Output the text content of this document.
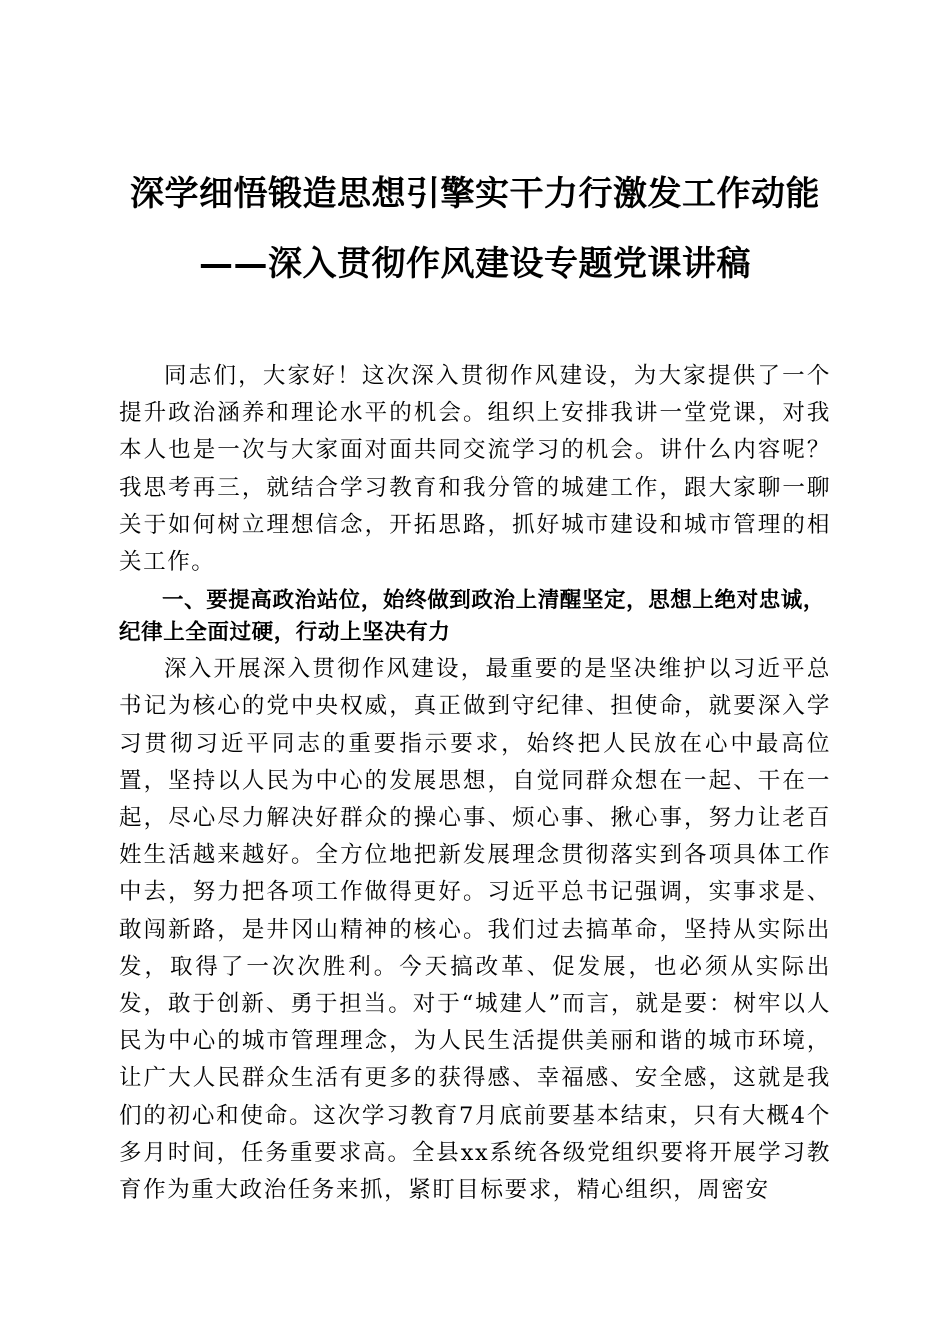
深学细悟锻造思想引擎实干力行激发工作动能
——深入贯彻作风建设专题党课讲稿

同志们，大家好！这次深入贯彻作风建设，为大家提供了一个提升政治涵养和理论水平的机会。组织上安排我讲一堂党课，对我本人也是一次与大家面对面共同交流学习的机会。讲什么内容呢？我思考再三，就结合学习教育和我分管的城建工作，跟大家聊一聊关于如何树立理想信念，开拓思路，抓好城市建设和城市管理的相关工作。

一、要提高政治站位，始终做到政治上清醒坚定，思想上绝对忠诚，纪律上全面过硬，行动上坚决有力

深入开展深入贯彻作风建设，最重要的是坚决维护以习近平总书记为核心的党中央权威，真正做到守纪律、担使命，就要深入学习贯彻习近平同志的重要指示要求，始终把人民放在心中最高位置，坚持以人民为中心的发展思想，自觉同群众想在一起、干在一起，尽心尽力解决好群众的操心事、烦心事、揪心事，努力让老百姓生活越来越好。全方位地把新发展理念贯彻落实到各项具体工作中去，努力把各项工作做得更好。习近平总书记强调，实事求是、敢闯新路，是井冈山精神的核心。我们过去搞革命，坚持从实际出发，取得了一次次胜利。今天搞改革、促发展，也必须从实际出发，敢于创新、勇于担当。对于“城建人”而言，就是要：树牢以人民为中心的城市管理理念，为人民生活提供美丽和谐的城市环境，让广大人民群众生活有更多的获得感、幸福感、安全感，这就是我们的初心和使命。这次学习教育7月底前要基本结束，只有大概4个多月时间，任务重要求高。全县xx系统各级党组织要将开展学习教育作为重大政治任务来抓，紧盯目标要求，精心组织，周密安
